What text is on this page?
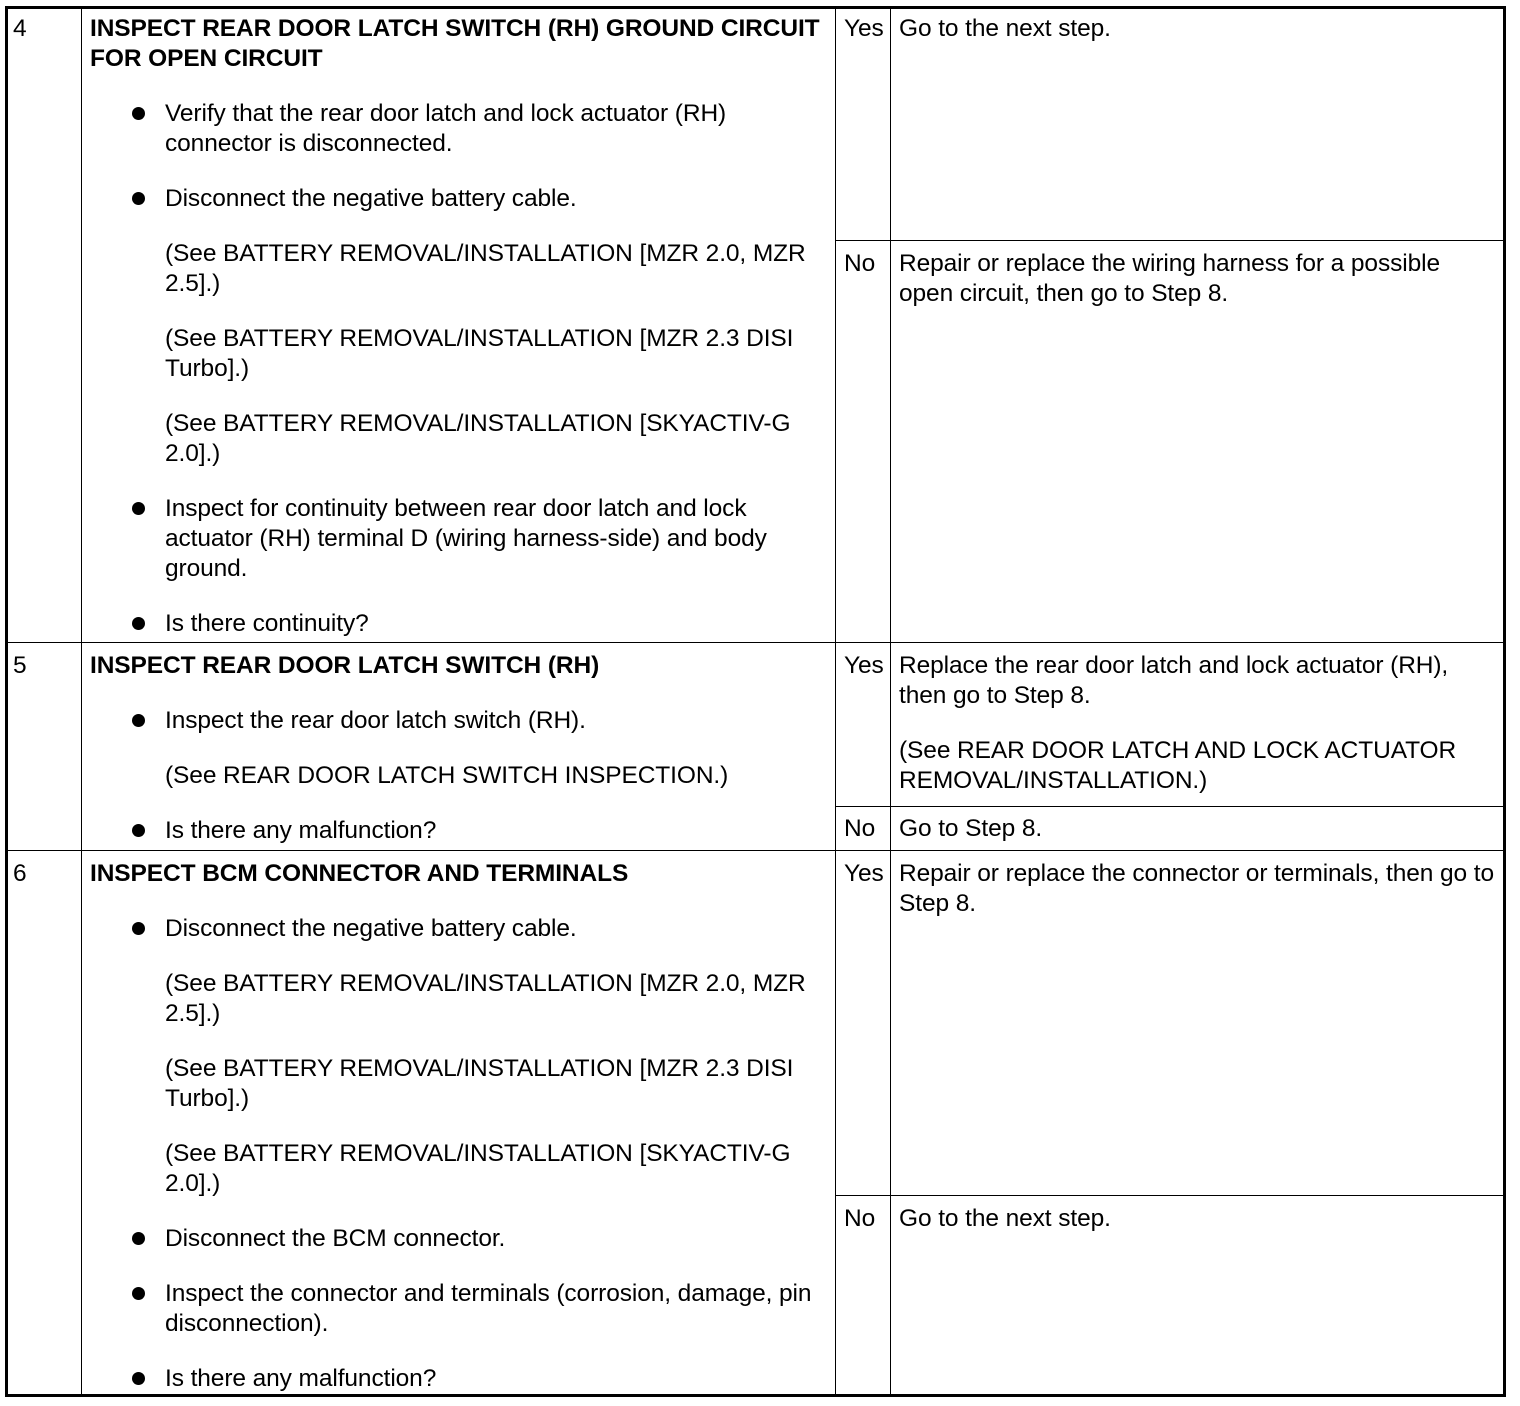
4	INSPECT REAR DOOR LATCH SWITCH (RH) GROUND CIRCUIT FOR OPEN CIRCUIT
Verify that the rear door latch and lock actuator (RH) connector is disconnected.
Disconnect the negative battery cable.
(See BATTERY REMOVAL/INSTALLATION [MZR 2.0, MZR 2.5].)
(See BATTERY REMOVAL/INSTALLATION [MZR 2.3 DISI Turbo].)
(See BATTERY REMOVAL/INSTALLATION [SKYACTIV-G 2.0].)
Inspect for continuity between rear door latch and lock actuator (RH) terminal D (wiring harness-side) and body ground.
Is there continuity?
Yes Go to the next step.

No Repair or replace the wiring harness for a possible open circuit, then go to Step 8.

5	INSPECT REAR DOOR LATCH SWITCH (RH)
Inspect the rear door latch switch (RH).
(See REAR DOOR LATCH SWITCH INSPECTION.)
Is there any malfunction?
Yes Replace the rear door latch and lock actuator (RH), then go to Step 8.

(See REAR DOOR LATCH AND LOCK ACTUATOR REMOVAL/INSTALLATION.)

No Go to Step 8.

6	INSPECT BCM CONNECTOR AND TERMINALS
Disconnect the negative battery cable.
(See BATTERY REMOVAL/INSTALLATION [MZR 2.0, MZR 2.5].)
(See BATTERY REMOVAL/INSTALLATION [MZR 2.3 DISI Turbo].)
(See BATTERY REMOVAL/INSTALLATION [SKYACTIV-G 2.0].)
Disconnect the BCM connector.
Inspect the connector and terminals (corrosion, damage, pin disconnection).
Is there any malfunction?
Yes Repair or replace the connector or terminals, then go to Step 8.

No Go to the next step.
